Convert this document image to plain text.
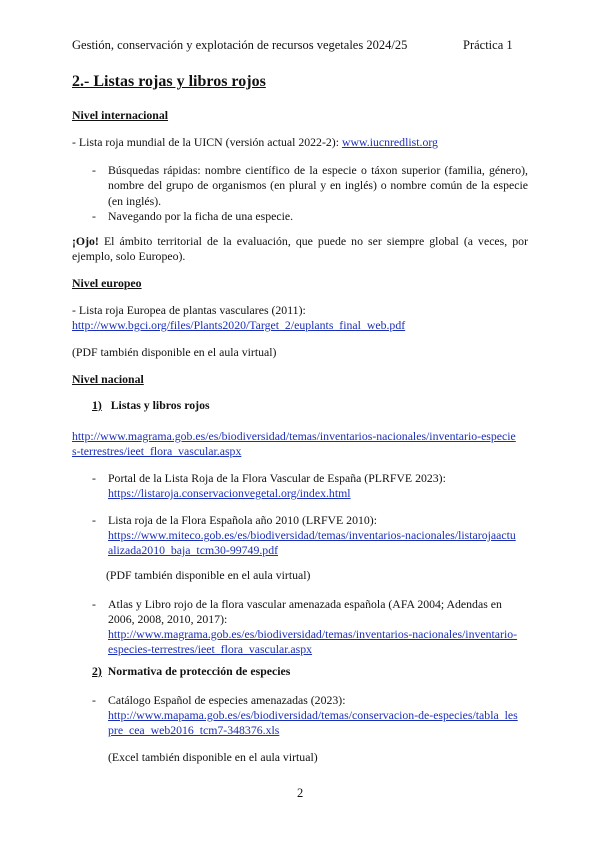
Gestión, conservación y explotación de recursos vegetales 2024/25	Práctica 1
2.- Listas rojas y libros rojos
Nivel internacional
- Lista roja mundial de la UICN (versión actual 2022-2): www.iucnredlist.org
- Búsquedas rápidas: nombre científico de la especie o táxon superior (familia, género), nombre del grupo de organismos (en plural y en inglés) o nombre común de la especie (en inglés).
- Navegando por la ficha de una especie.
¡Ojo! El ámbito territorial de la evaluación, que puede no ser siempre global (a veces, por ejemplo, solo Europeo).
Nivel europeo
- Lista roja Europea de plantas vasculares (2011):
http://www.bgci.org/files/Plants2020/Target_2/euplants_final_web.pdf
(PDF también disponible en el aula virtual)
Nivel nacional
1) Listas y libros rojos
http://www.magrama.gob.es/es/biodiversidad/temas/inventarios-nacionales/inventario-especie
s-terrestres/ieet_flora_vascular.aspx
- Portal de la Lista Roja de la Flora Vascular de España (PLRFVE 2023):
https://listaroja.conservacionvegetal.org/index.html
- Lista roja de la Flora Española año 2010 (LRFVE 2010):
https://www.miteco.gob.es/es/biodiversidad/temas/inventarios-nacionales/listarojaactu
alizada2010_baja_tcm30-99749.pdf
(PDF también disponible en el aula virtual)
- Atlas y Libro rojo de la flora vascular amenazada española (AFA 2004; Adendas en
2006, 2008, 2010, 2017):
http://www.magrama.gob.es/es/biodiversidad/temas/inventarios-nacionales/inventario-
especies-terrestres/ieet_flora_vascular.aspx
2) Normativa de protección de especies
- Catálogo Español de especies amenazadas (2023):
http://www.mapama.gob.es/es/biodiversidad/temas/conservacion-de-especies/tabla_les
pre_cea_web2016_tcm7-348376.xls
(Excel también disponible en el aula virtual)
2
